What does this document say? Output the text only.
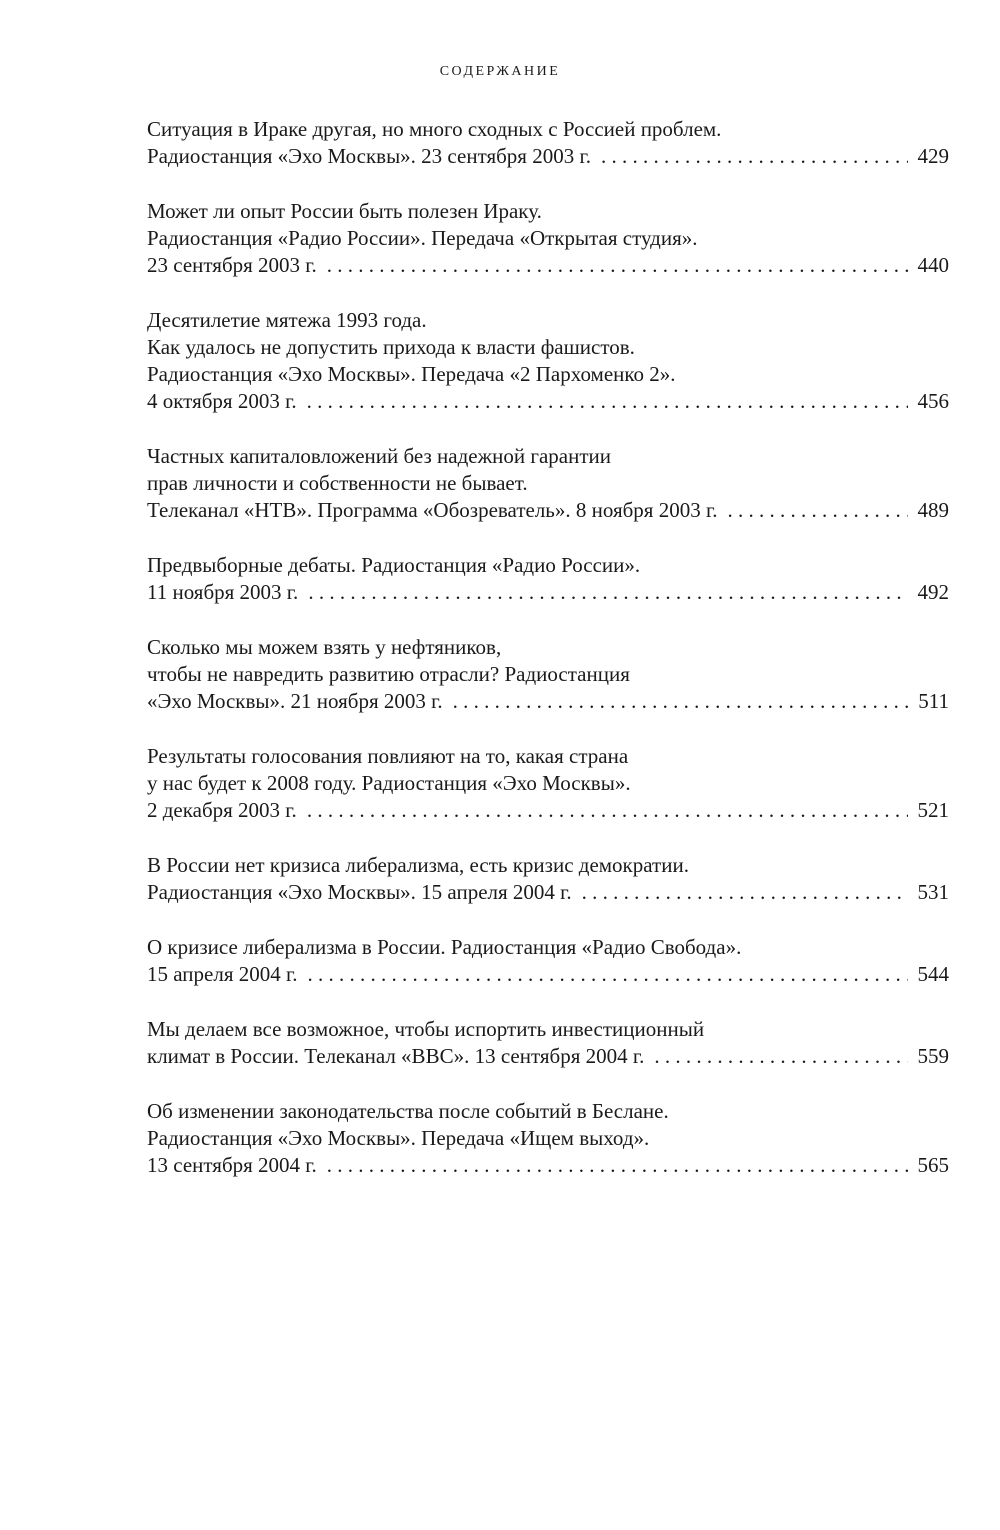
СОДЕРЖАНИЕ
Ситуация в Ираке другая, но много сходных с Россией проблем.
Радиостанция «Эхо Москвы». 23 сентября 2003 г. . . .	429
Может ли опыт России быть полезен Ираку.
Радиостанция «Радио России». Передача «Открытая студия».
23 сентября 2003 г. . . .	440
Десятилетие мятежа 1993 года.
Как удалось не допустить прихода к власти фашистов.
Радиостанция «Эхо Москвы». Передача «2 Пархоменко 2».
4 октября 2003 г. . . .	456
Частных капиталовложений без надежной гарантии
прав личности и собственности не бывает.
Телеканал «НТВ». Программа «Обозреватель». 8 ноября 2003 г. . . .	489
Предвыборные дебаты. Радиостанция «Радио России».
11 ноября 2003 г. . . .	492
Сколько мы можем взять у нефтяников,
чтобы не навредить развитию отрасли? Радиостанция
«Эхо Москвы». 21 ноября 2003 г. . . .	511
Результаты голосования повлияют на то, какая страна
у нас будет к 2008 году. Радиостанция «Эхо Москвы».
2 декабря 2003 г. . . .	521
В России нет кризиса либерализма, есть кризис демократии.
Радиостанция «Эхо Москвы». 15 апреля 2004 г. . . .	531
О кризисе либерализма в России. Радиостанция «Радио Свобода».
15 апреля 2004 г. . . .	544
Мы делаем все возможное, чтобы испортить инвестиционный
климат в России. Телеканал «ВВС». 13 сентября 2004 г. . . .	559
Об изменении законодательства после событий в Беслане.
Радиостанция «Эхо Москвы». Передача «Ищем выход».
13 сентября 2004 г. . . .	565
